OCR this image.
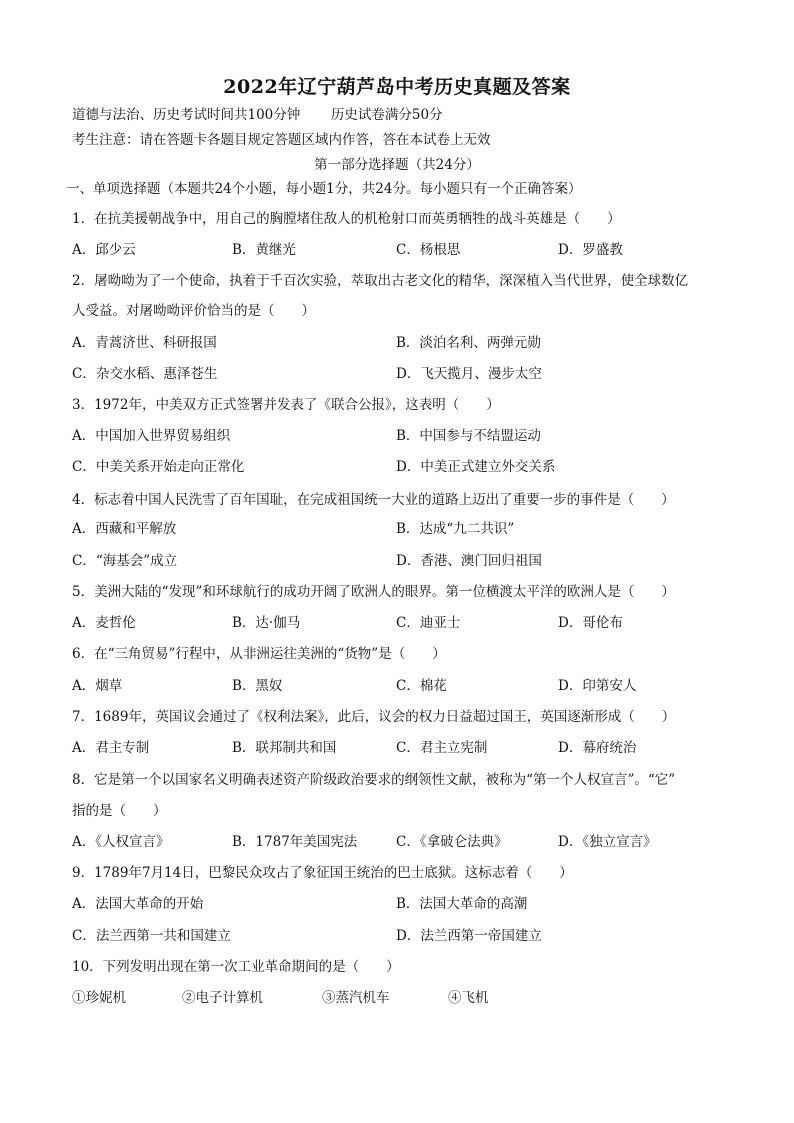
2022年辽宁葫芦岛中考历史真题及答案
道德与法治、历史考试时间共100分钟 历史试卷满分50分
考生注意：请在答题卡各题目规定答题区域内作答，答在本试卷上无效
第一部分选择题（共24分）
一、单项选择题（本题共24个小题，每小题1分，共24分。每小题只有一个正确答案）
1．在抗美援朝战争中，用自己的胸膛堵住敌人的机枪射口而英勇牺牲的战斗英雄是（　　）
A．邱少云	B．黄继光	C．杨根思	D．罗盛教
2．屠呦呦为了一个使命，执着于千百次实验，萃取出古老文化的精华，深深植入当代世界，使全球数亿
人受益。对屠呦呦评价恰当的是（　　）
A．青蒿济世、科研报国	B．淡泊名利、两弹元勋
C．杂交水稻、惠泽苍生	D．飞天揽月、漫步太空
3．1972年，中美双方正式签署并发表了《联合公报》，这表明（　　）
A．中国加入世界贸易组织	B．中国参与不结盟运动
C．中美关系开始走向正常化	D．中美正式建立外交关系
4．标志着中国人民洗雪了百年国耻，在完成祖国统一大业的道路上迈出了重要一步的事件是（　　）
A．西藏和平解放	B．达成“九二共识”
C．“海基会”成立	D．香港、澳门回归祖国
5．美洲大陆的“发现”和环球航行的成功开阔了欧洲人的眼界。第一位横渡太平洋的欧洲人是（　　）
A．麦哲伦	B．达·伽马	C．迪亚士	D．哥伦布
6．在“三角贸易”行程中，从非洲运往美洲的“货物”是（　　）
A．烟草	B．黑奴	C．棉花	D．印第安人
7．1689年，英国议会通过了《权利法案》，此后，议会的权力日益超过国王，英国逐渐形成（　　）
A．君主专制	B．联邦制共和国	C．君主立宪制	D．幕府统治
8．它是第一个以国家名义明确表述资产阶级政治要求的纲领性文献，被称为“第一个人权宣言”。“它”
指的是（　　）
A．《人权宣言》	B．1787年美国宪法	C．《拿破仑法典》	D．《独立宣言》
9．1789年7月14日，巴黎民众攻占了象征国王统治的巴士底狱。这标志着（　　）
A．法国大革命的开始	B．法国大革命的高潮
C．法兰西第一共和国建立	D．法兰西第一帝国建立
10．下列发明出现在第一次工业革命期间的是（　　）
①珍妮机	②电子计算机	③蒸汽机车	④飞机
